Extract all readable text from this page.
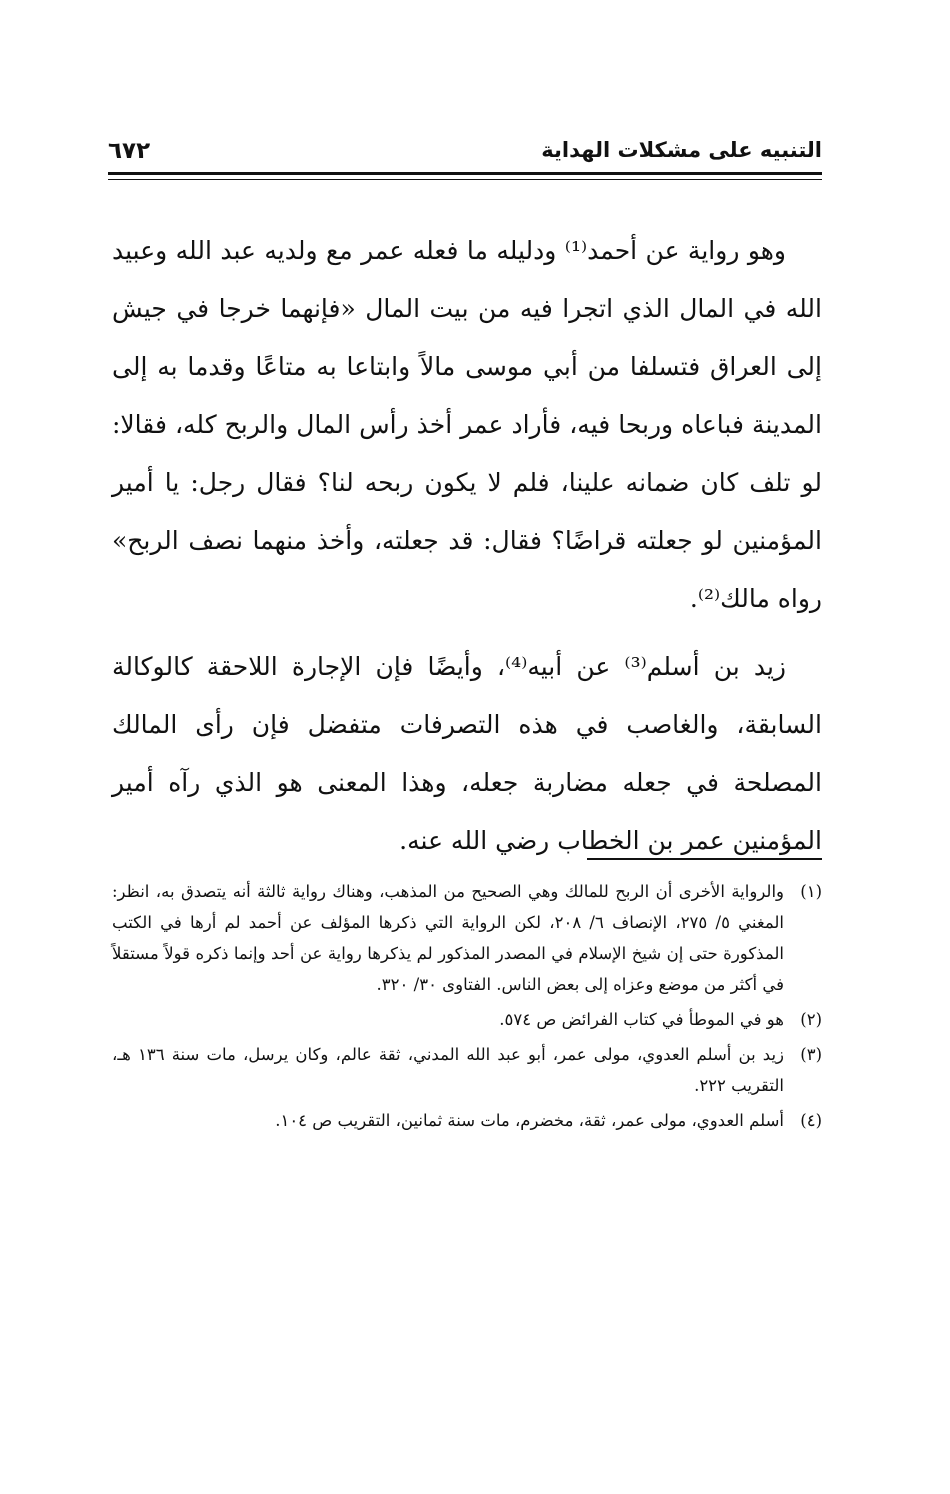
التنبيه على مشكلات الهداية
٦٧٢

وهو رواية عن أحمد⁽¹⁾ ودليله ما فعله عمر مع ولديه عبد الله وعبيد الله في المال الذي اتجرا فيه من بيت المال «فإنهما خرجا في جيش إلى العراق فتسلفا من أبي موسى مالاً وابتاعا به متاعًا وقدما به إلى المدينة فباعاه وربحا فيه، فأراد عمر أخذ رأس المال والربح كله، فقالا: لو تلف كان ضمانه علينا، فلم لا يكون ربحه لنا؟ فقال رجل: يا أمير المؤمنين لو جعلته قراضًا؟ فقال: قد جعلته، وأخذ منهما نصف الربح» رواه مالك⁽²⁾.

زيد بن أسلم⁽³⁾ عن أبيه⁽⁴⁾، وأيضًا فإن الإجارة اللاحقة كالوكالة السابقة، والغاصب في هذه التصرفات متفضل فإن رأى المالك المصلحة في جعله مضاربة جعله، وهذا المعنى هو الذي رآه أمير المؤمنين عمر بن الخطاب رضي الله عنه.

(١)
والرواية الأخرى أن الربح للمالك وهي الصحيح من المذهب، وهناك رواية ثالثة أنه يتصدق به، انظر: المغني ٥/ ٢٧٥، الإنصاف ٦/ ٢٠٨، لكن الرواية التي ذكرها المؤلف عن أحمد لم أرها في الكتب المذكورة حتى إن شيخ الإسلام في المصدر المذكور لم يذكرها رواية عن أحد وإنما ذكره قولاً مستقلاً في أكثر من موضع وعزاه إلى بعض الناس. الفتاوى ٣٠/ ٣٢٠.
(٢)
هو في الموطأ في كتاب الفرائض ص ٥٧٤.
(٣)
زيد بن أسلم العدوي، مولى عمر، أبو عبد الله المدني، ثقة عالم، وكان يرسل، مات سنة ١٣٦ هـ، التقريب ٢٢٢.
(٤)
أسلم العدوي، مولى عمر، ثقة، مخضرم، مات سنة ثمانين، التقريب ص ١٠٤.
